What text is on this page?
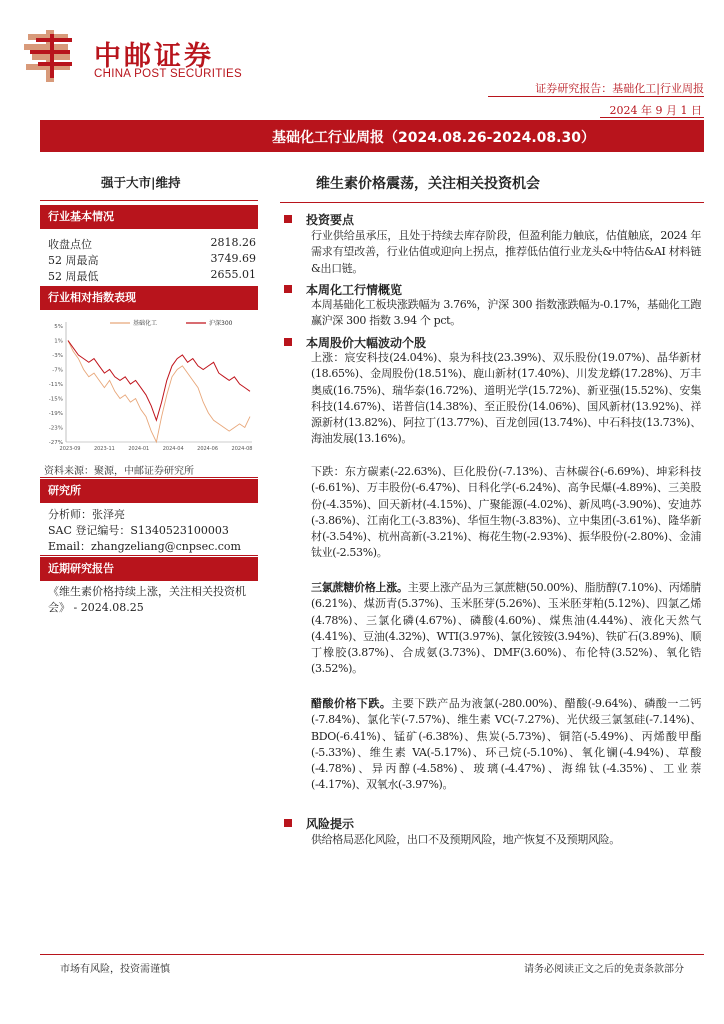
中邮证券
CHINA POST SECURITIES
证券研究报告：基础化工|行业周报
2024 年 9 月 1 日
基础化工行业周报（2024.08.26-2024.08.30）
强于大市|维持
行业基本情况
收盘点位	2818.26
52 周最高	3749.69
52 周最低	2655.01
行业相对指数表现
5%
1%
-3%
-7%
-11%
-15%
-19%
-23%
-27%
2023-09	2023-11	2024-01	2024-04	2024-06	2024-08
基础化工	沪深300
资料来源：聚源，中邮证券研究所
研究所
分析师：张泽亮
SAC 登记编号：S1340523100003
Email：zhangzeliang@cnpsec.com
近期研究报告
《维生素价格持续上涨，关注相关投资机会》 - 2024.08.25
维生素价格震荡，关注相关投资机会
投资要点
行业供给虽承压，且处于持续去库存阶段，但盈利能力触底，估值触底，2024 年需求有望改善，行业估值或迎向上拐点，推荐低估值行业龙头&中特估&AI 材料链&出口链。
本周化工行情概览
本周基础化工板块涨跌幅为 3.76%，沪深 300 指数涨跌幅为-0.17%，基础化工跑赢沪深 300 指数 3.94 个 pct。
本周股价大幅波动个股
上涨：宸安科技(24.04%)、泉为科技(23.39%)、双乐股份(19.07%)、晶华新材(18.65%)、金周股份(18.51%)、鹿山新材(17.40%)、川发龙蟒(17.28%)、万丰奥威(16.75%)、瑞华泰(16.72%)、道明光学(15.72%)、新亚强(15.52%)、安集科技(14.67%)、诺普信(14.38%)、至正股份(14.06%)、国风新材(13.92%)、祥源新材(13.82%)、阿拉丁(13.77%)、百龙创园(13.74%)、中石科技(13.73%)、海油发展(13.16%)。
下跌：东方碳素(-22.63%)、巨化股份(-7.13%)、吉林碳谷(-6.69%)、坤彩科技(-6.61%)、万丰股份(-6.47%)、日科化学(-6.24%)、高争民爆(-4.89%)、三美股份(-4.35%)、回天新材(-4.15%)、广聚能源(-4.02%)、新凤鸣(-3.90%)、安迪苏(-3.86%)、江南化工(-3.83%)、华恒生物(-3.83%)、立中集团(-3.61%)、隆华新材(-3.54%)、杭州高新(-3.21%)、梅花生物(-2.93%)、振华股份(-2.80%)、金浦钛业(-2.53%)。
三氯蔗糖价格上涨。主要上涨产品为三氯蔗糖(50.00%)、脂肪醇(7.10%)、丙烯腈(6.21%)、煤沥青(5.37%)、玉米胚芽(5.26%)、玉米胚芽粕(5.12%)、四氯乙烯(4.78%)、三氯化磷(4.67%)、磷酸(4.60%)、煤焦油(4.44%)、液化天然气(4.41%)、豆油(4.32%)、WTI(3.97%)、氯化铵铵(3.94%)、铁矿石(3.89%)、顺丁橡胶(3.87%)、合成氨(3.73%)、DMF(3.60%)、布伦特(3.52%)、氧化锆(3.52%)。
醋酸价格下跌。主要下跌产品为液氯(-280.00%)、醋酸(-9.64%)、磷酸一二钙(-7.84%)、氯化苄(-7.57%)、维生素 VC(-7.27%)、光伏级三氯氢硅(-7.14%)、BDO(-6.41%)、锰矿(-6.38%)、焦炭(-5.73%)、铜箔(-5.49%)、丙烯酸甲酯(-5.33%)、维生素 VA(-5.17%)、环己烷(-5.10%)、氧化镧(-4.94%)、草酸(-4.78%)、异丙醇(-4.58%)、玻璃(-4.47%)、海绵钛(-4.35%)、工业萘(-4.17%)、双氧水(-3.97%)。
风险提示
供给格局恶化风险，出口不及预期风险，地产恢复不及预期风险。
市场有风险，投资需谨慎	请务必阅读正文之后的免责条款部分
